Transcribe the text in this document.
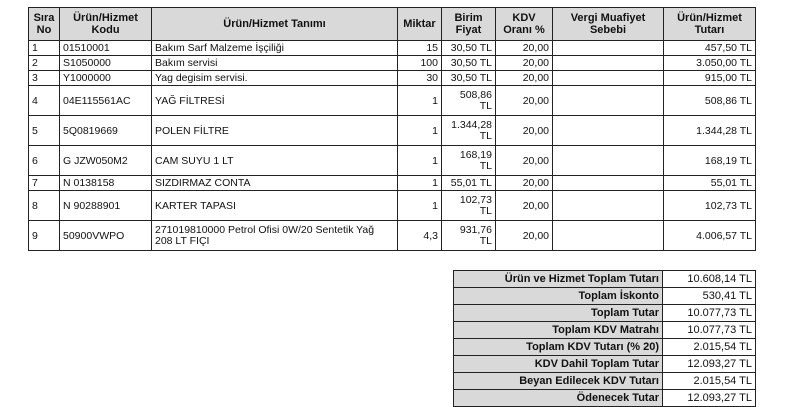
Sıra No	Ürün/Hizmet Kodu	Ürün/Hizmet Tanımı	Miktar	Birim Fiyat	KDV Oranı %	Vergi Muafiyet Sebebi	Ürün/Hizmet Tutarı
1	01510001	Bakım Sarf Malzeme İşçiliği	15	30,50 TL	20,00		457,50 TL
2	S1050000	Bakım servisi	100	30,50 TL	20,00		3.050,00 TL
3	Y1000000	Yag degisim servisi.	30	30,50 TL	20,00		915,00 TL
4	04E115561AC	YAĞ FİLTRESİ	1	508,86 TL	20,00		508,86 TL
5	5Q0819669	POLEN FİLTRE	1	1.344,28 TL	20,00		1.344,28 TL
6	G JZW050M2	CAM SUYU 1 LT	1	168,19 TL	20,00		168,19 TL
7	N 0138158	SIZDIRMAZ CONTA	1	55,01 TL	20,00		55,01 TL
8	N 90288901	KARTER TAPASI	1	102,73 TL	20,00		102,73 TL
9	50900VWPO	271019810000 Petrol Ofisi 0W/20 Sentetik Yağ 208 LT FIÇI	4,3	931,76 TL	20,00		4.006,57 TL
Ürün ve Hizmet Toplam Tutarı	10.608,14 TL
Toplam İskonto	530,41 TL
Toplam Tutar	10.077,73 TL
Toplam KDV Matrahı	10.077,73 TL
Toplam KDV Tutarı (% 20)	2.015,54 TL
KDV Dahil Toplam Tutar	12.093,27 TL
Beyan Edilecek KDV Tutarı	2.015,54 TL
Ödenecek Tutar	12.093,27 TL
